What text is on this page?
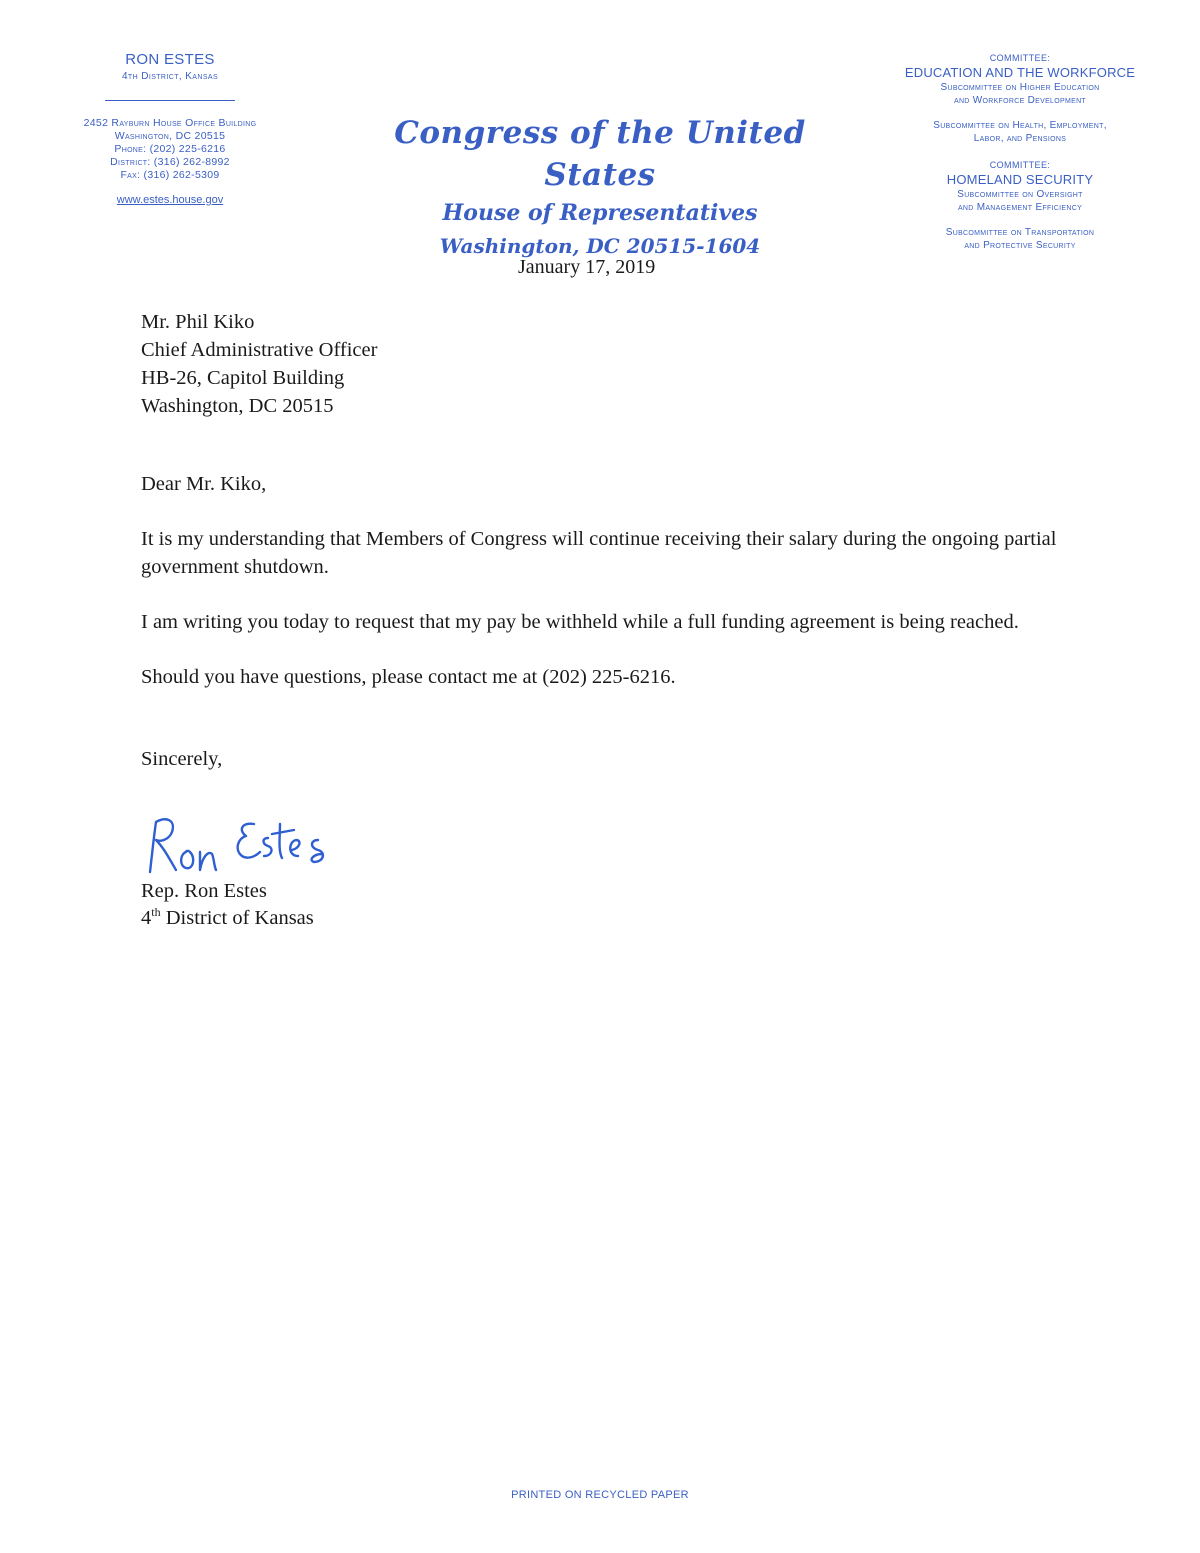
RON ESTES
4th District, Kansas
2452 Rayburn House Office Building
Washington, DC 20515
Phone: (202) 225-6216
District: (316) 262-8992
Fax: (316) 262-5309
www.estes.house.gov
Congress of the United States
House of Representatives
Washington, DC 20515-1604
COMMITTEE:
EDUCATION AND THE WORKFORCE
Subcommittee on Higher Education
and Workforce Development
Subcommittee on Health, Employment,
Labor, and Pensions
COMMITTEE:
HOMELAND SECURITY
Subcommittee on Oversight
and Management Efficiency
Subcommittee on Transportation
and Protective Security
January 17, 2019
Mr. Phil Kiko
Chief Administrative Officer
HB-26, Capitol Building
Washington, DC 20515
Dear Mr. Kiko,
It is my understanding that Members of Congress will continue receiving their salary during the ongoing partial government shutdown.
I am writing you today to request that my pay be withheld while a full funding agreement is being reached.
Should you have questions, please contact me at (202) 225-6216.
Sincerely,
Rep. Ron Estes
4th District of Kansas
PRINTED ON RECYCLED PAPER
